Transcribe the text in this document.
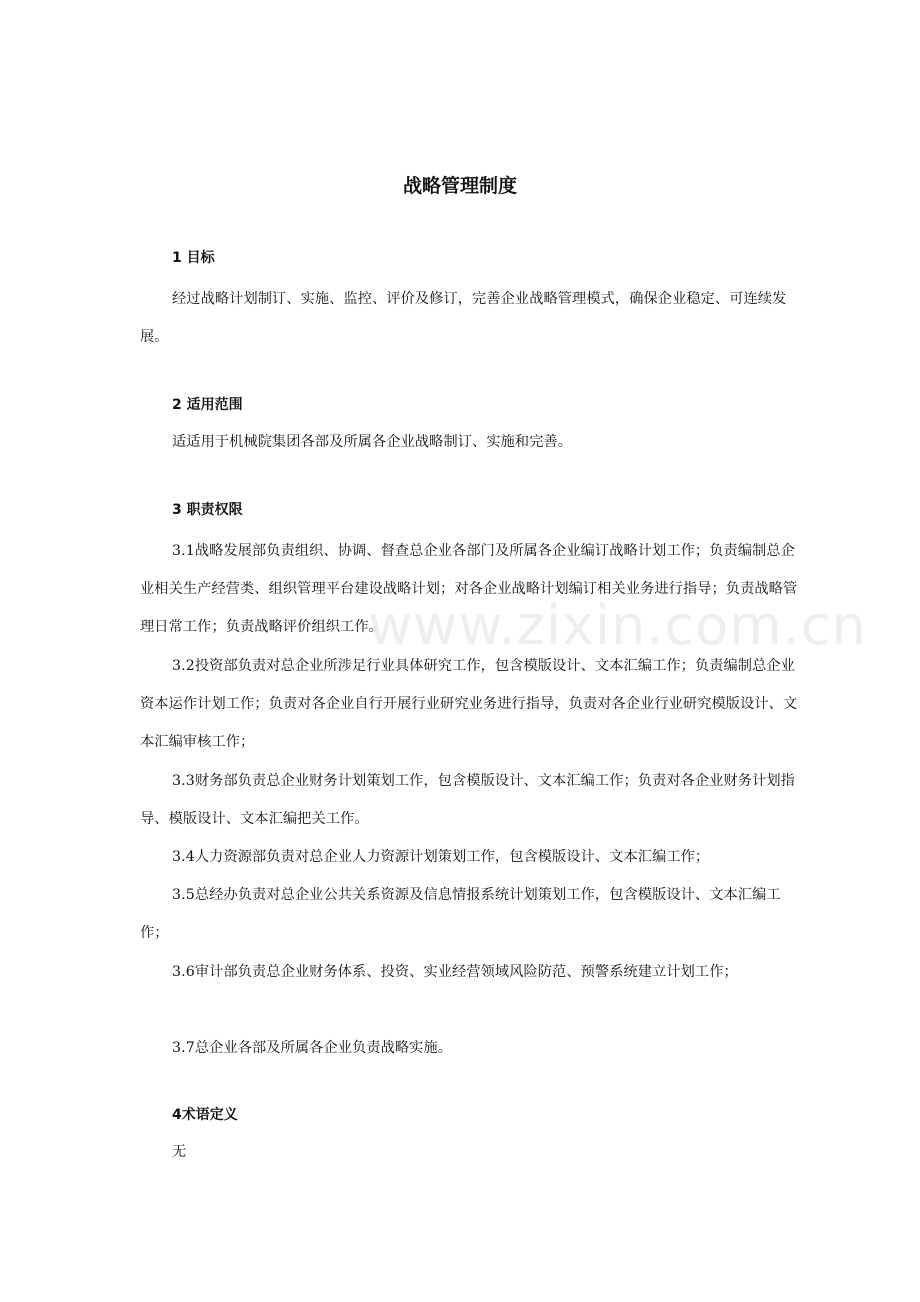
战略管理制度
1 目标

经过战略计划制订、实施、监控、评价及修订，完善企业战略管理模式，确保企业稳定、可连续发展。

2 适用范围

适适用于机械院集团各部及所属各企业战略制订、实施和完善。

3 职责权限

3.1战略发展部负责组织、协调、督查总企业各部门及所属各企业编订战略计划工作；负责编制总企业相关生产经营类、组织管理平台建设战略计划；对各企业战略计划编订相关业务进行指导；负责战略管理日常工作；负责战略评价组织工作。

3.2投资部负责对总企业所涉足行业具体研究工作，包含模版设计、文本汇编工作；负责编制总企业资本运作计划工作；负责对各企业自行开展行业研究业务进行指导，负责对各企业行业研究模版设计、文本汇编审核工作；

3.3财务部负责总企业财务计划策划工作，包含模版设计、文本汇编工作；负责对各企业财务计划指导、模版设计、文本汇编把关工作。

3.4人力资源部负责对总企业人力资源计划策划工作，包含模版设计、文本汇编工作；

3.5总经办负责对总企业公共关系资源及信息情报系统计划策划工作，包含模版设计、文本汇编工作；

3.6审计部负责总企业财务体系、投资、实业经营领域风险防范、预警系统建立计划工作；

3.7总企业各部及所属各企业负责战略实施。

4术语定义

无

www.zixin.com.cn
